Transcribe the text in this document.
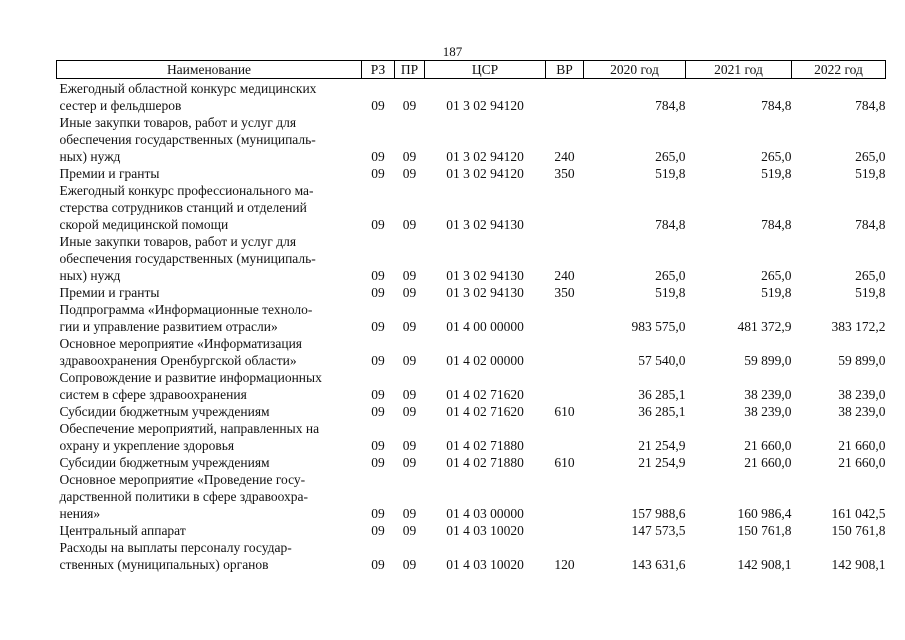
187
Наименование	РЗ	ПР	ЦСР	ВР	2020 год	2021 год	2022 год

Ежегодный областной конкурс медицинских
сестер и фельдшеров	09	09	01 3 02 94120		784,8	784,8	784,8

Иные закупки товаров, работ и услуг для
обеспечения государственных (муниципаль-
ных) нужд	09	09	01 3 02 94120	240	265,0	265,0	265,0

Премии и гранты	09	09	01 3 02 94120	350	519,8	519,8	519,8

Ежегодный конкурс профессионального ма-
стерства сотрудников станций и отделений
скорой медицинской помощи	09	09	01 3 02 94130		784,8	784,8	784,8

Иные закупки товаров, работ и услуг для
обеспечения государственных (муниципаль-
ных) нужд	09	09	01 3 02 94130	240	265,0	265,0	265,0

Премии и гранты	09	09	01 3 02 94130	350	519,8	519,8	519,8

Подпрограмма «Информационные техноло-
гии и управление развитием отрасли»	09	09	01 4 00 00000		983 575,0	481 372,9	383 172,2

Основное мероприятие «Информатизация
здравоохранения Оренбургской области»	09	09	01 4 02 00000		57 540,0	59 899,0	59 899,0

Сопровождение и развитие информационных
систем в сфере здравоохранения	09	09	01 4 02 71620		36 285,1	38 239,0	38 239,0

Субсидии бюджетным учреждениям	09	09	01 4 02 71620	610	36 285,1	38 239,0	38 239,0

Обеспечение мероприятий, направленных на
охрану и укрепление здоровья	09	09	01 4 02 71880		21 254,9	21 660,0	21 660,0

Субсидии бюджетным учреждениям	09	09	01 4 02 71880	610	21 254,9	21 660,0	21 660,0

Основное мероприятие «Проведение госу-
дарственной политики в сфере здравоохра-
нения»	09	09	01 4 03 00000		157 988,6	160 986,4	161 042,5

Центральный аппарат	09	09	01 4 03 10020		147 573,5	150 761,8	150 761,8

Расходы на выплаты персоналу государ-
ственных (муниципальных) органов	09	09	01 4 03 10020	120	143 631,6	142 908,1	142 908,1
